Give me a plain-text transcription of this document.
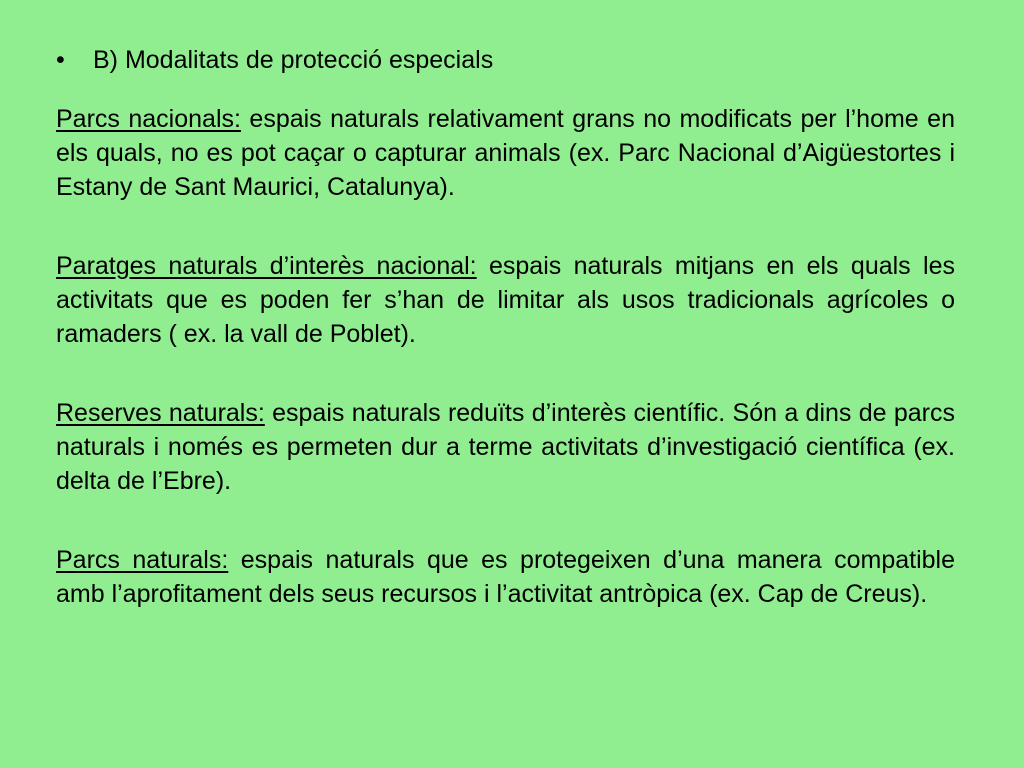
•	B) Modalitats de protecció especials

Parcs nacionals: espais naturals relativament grans no modificats per l’home en els quals, no es pot caçar o capturar animals (ex. Parc Nacional d’Aigüestortes i Estany de Sant Maurici, Catalunya).

Paratges naturals d’interès nacional: espais naturals mitjans en els quals les activitats que es poden fer s’han de limitar als usos tradicionals agrícoles o ramaders ( ex. la vall de Poblet).

Reserves naturals: espais naturals reduïts d’interès científic. Són a dins de parcs naturals i només es permeten dur a terme activitats d’investigació científica (ex. delta de l’Ebre).

Parcs naturals: espais naturals que es protegeixen d’una manera compatible amb l’aprofitament dels seus recursos i l’activitat antròpica (ex. Cap de Creus).
